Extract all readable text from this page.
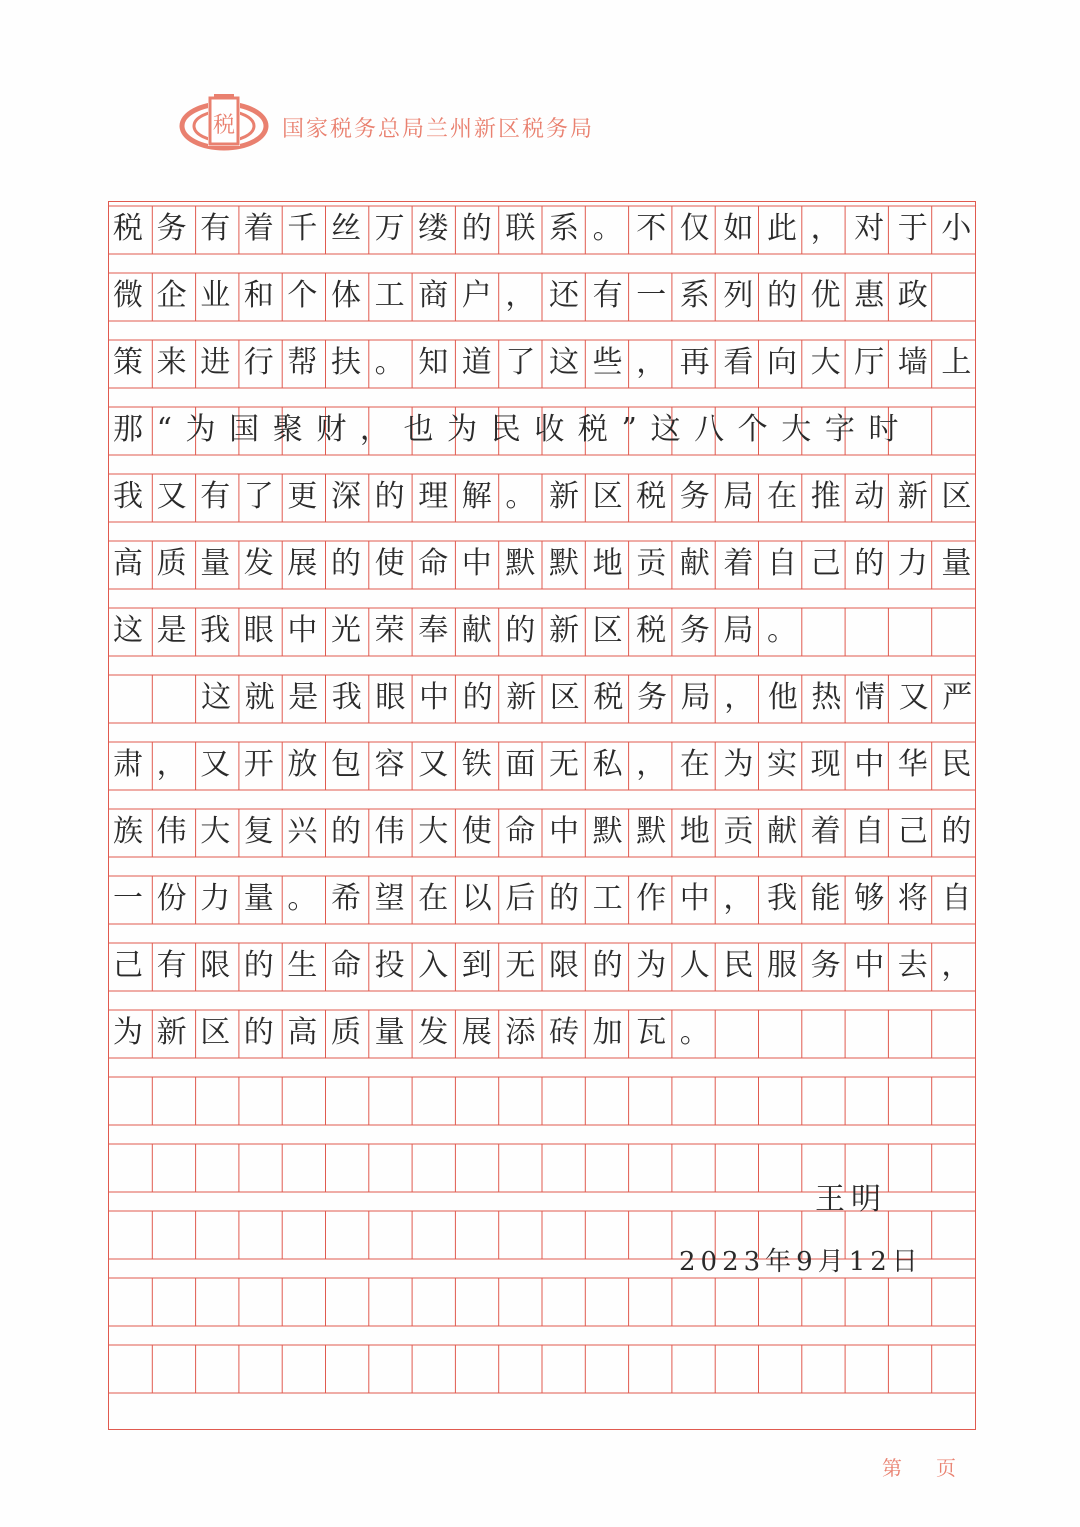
税 国家税务总局兰州新区税务局
税务有着千丝万缕的联系。不仅如此，对于小
微企业和个体工商户，还有一系列的优惠政
策来进行帮扶。知道了这些，再看向大厅墙上
那“为国聚财，也为民收税”这八个大字时
我又有了更深的理解。新区税务局在推动新区
高质量发展的使命中默默地贡献着自己的力量
这是我眼中光荣奉献的新区税务局。
这就是我眼中的新区税务局，他热情又严
肃，又开放包容又铁面无私，在为实现中华民
族伟大复兴的伟大使命中默默地贡献着自己的
一份力量。希望在以后的工作中，我能够将自
己有限的生命投入到无限的为人民服务中去，
为新区的高质量发展添砖加瓦。
王明
2023年9月12日
第页
